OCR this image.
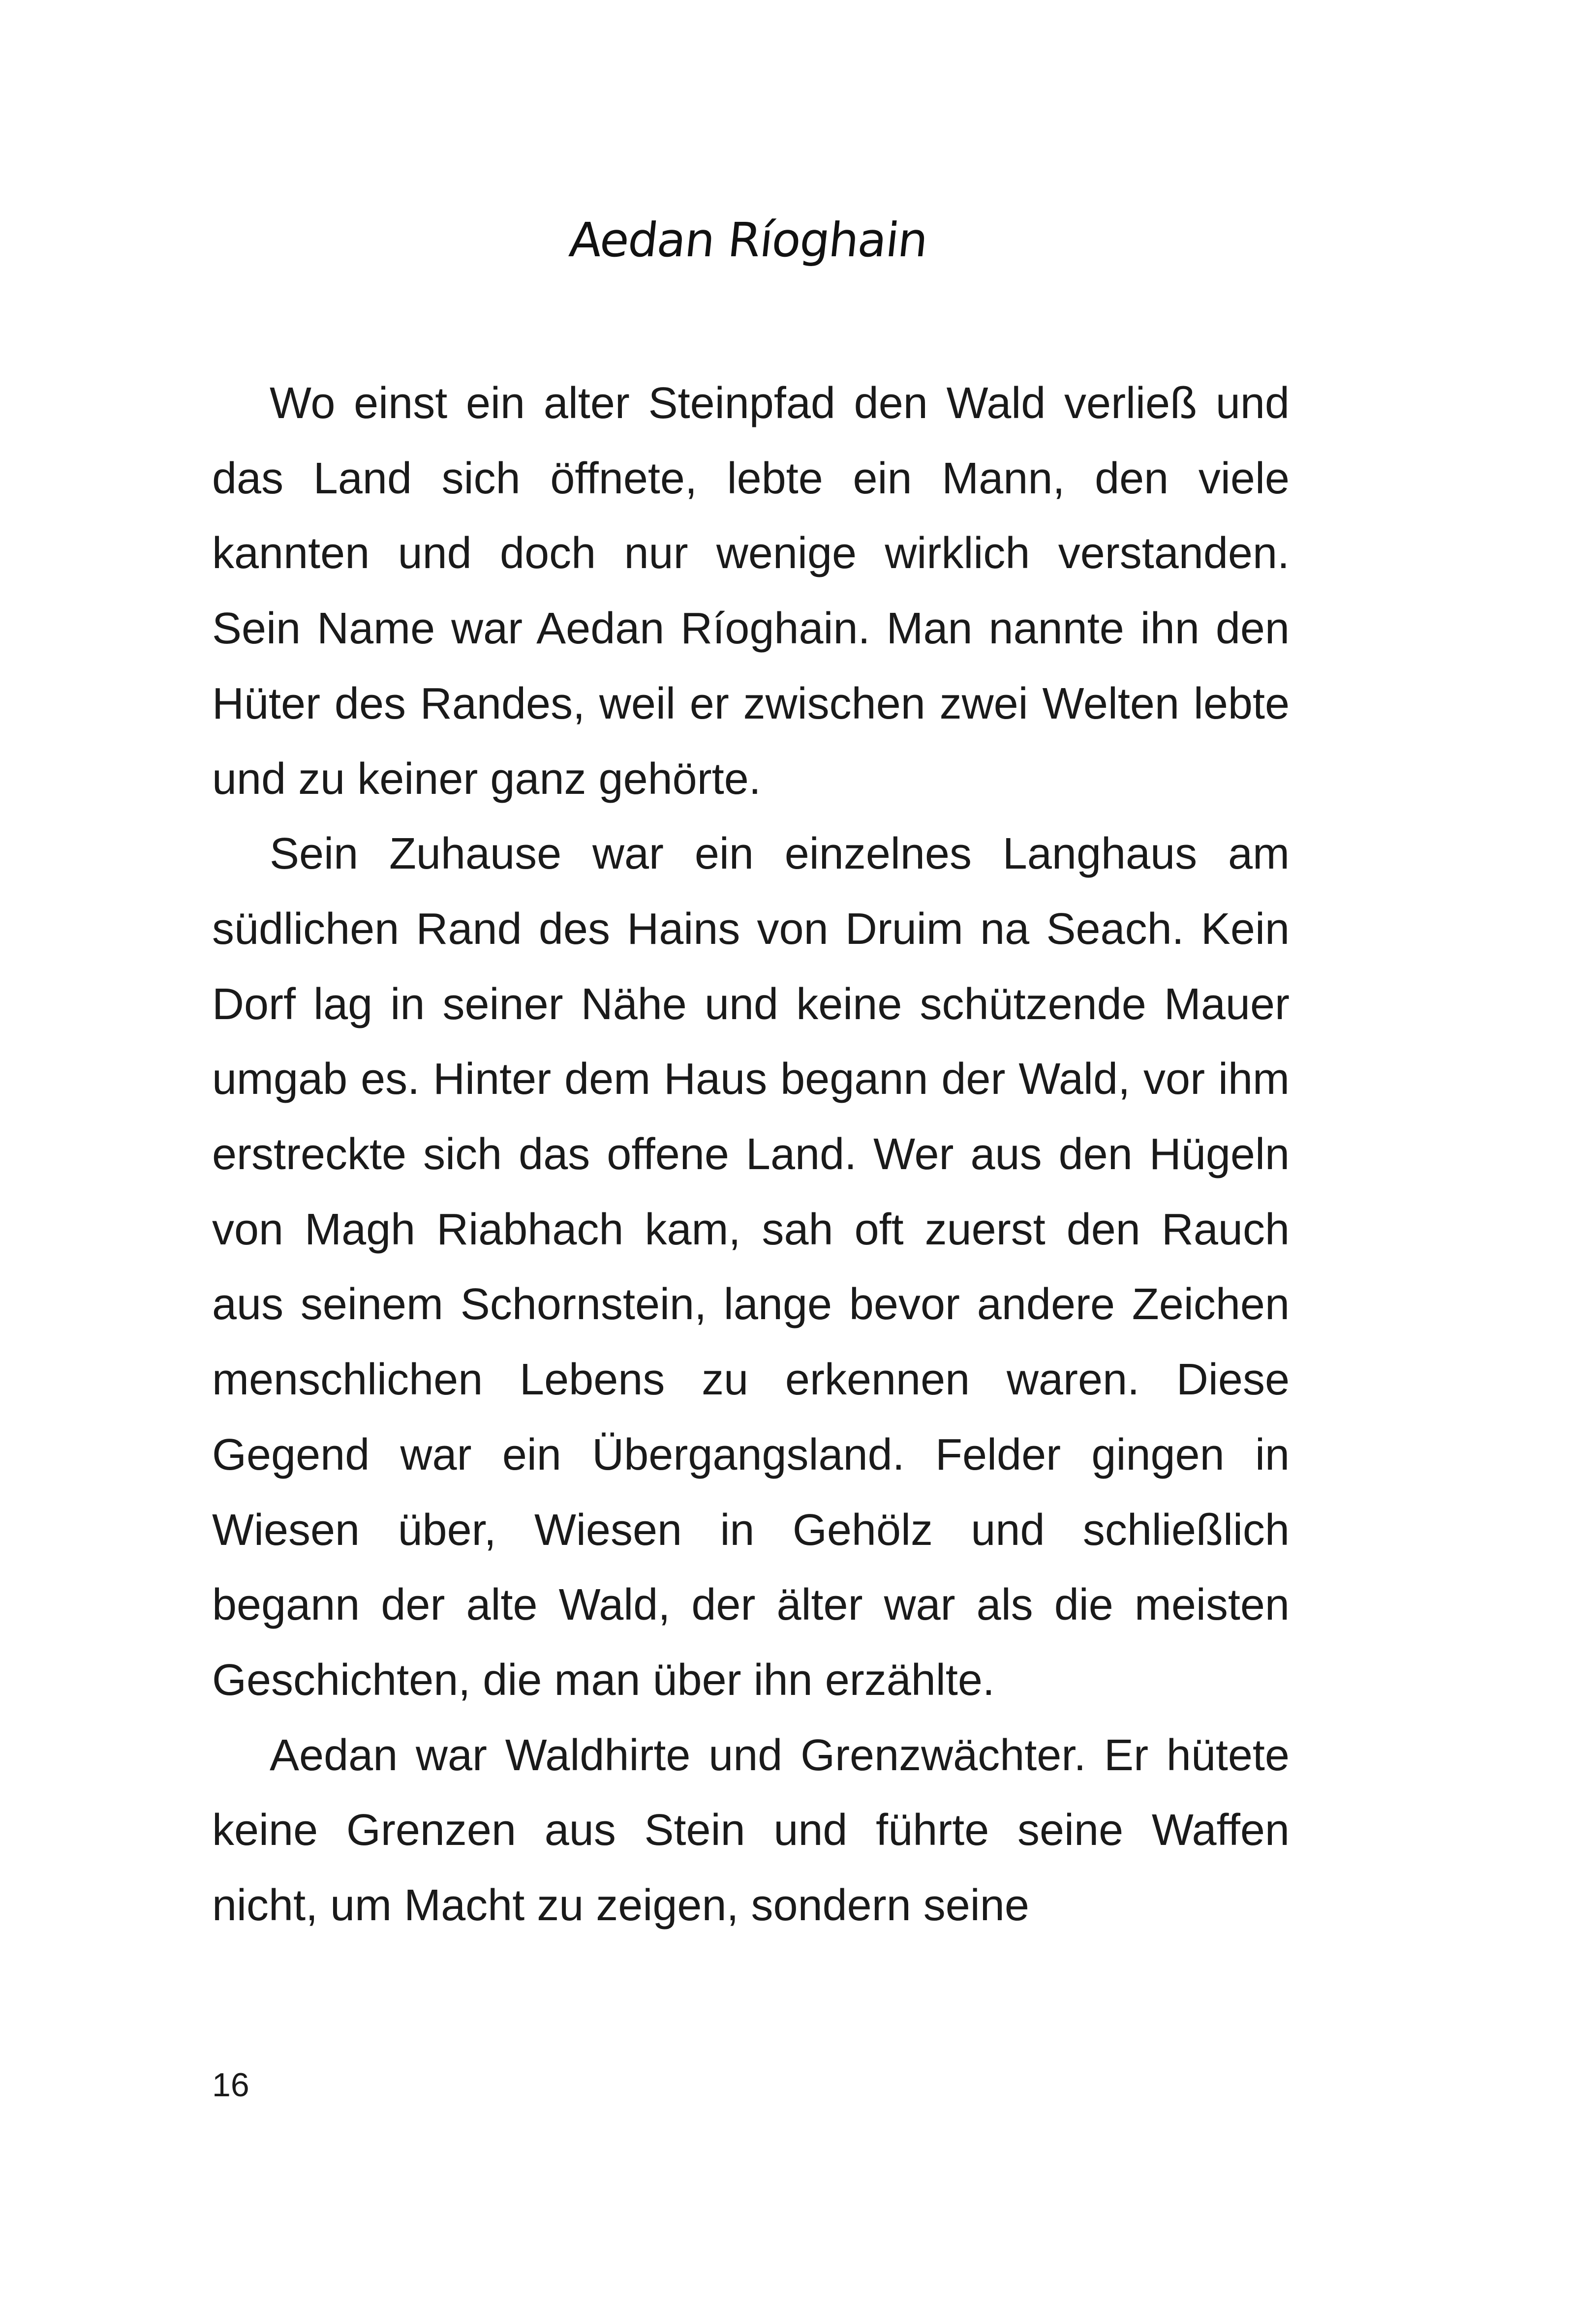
Aedan Ríoghain

Wo einst ein alter Steinpfad den Wald verließ und das Land sich öffnete, lebte ein Mann, den viele kannten und doch nur wenige wirklich verstanden. Sein Name war Aedan Ríoghain. Man nannte ihn den Hüter des Randes, weil er zwischen zwei Welten lebte und zu keiner ganz gehörte.

Sein Zuhause war ein einzelnes Langhaus am südlichen Rand des Hains von Druim na Seach. Kein Dorf lag in seiner Nähe und keine schützende Mauer umgab es. Hinter dem Haus begann der Wald, vor ihm erstreckte sich das offene Land. Wer aus den Hügeln von Magh Riabhach kam, sah oft zuerst den Rauch aus seinem Schornstein, lange bevor andere Zeichen menschlichen Lebens zu erkennen waren. Diese Gegend war ein Übergangsland. Felder gingen in Wiesen über, Wiesen in Gehölz und schließlich begann der alte Wald, der älter war als die meisten Geschichten, die man über ihn erzählte.

Aedan war Waldhirte und Grenzwächter. Er hütete keine Grenzen aus Stein und führte seine Waffen nicht, um Macht zu zeigen, sondern seine

16
